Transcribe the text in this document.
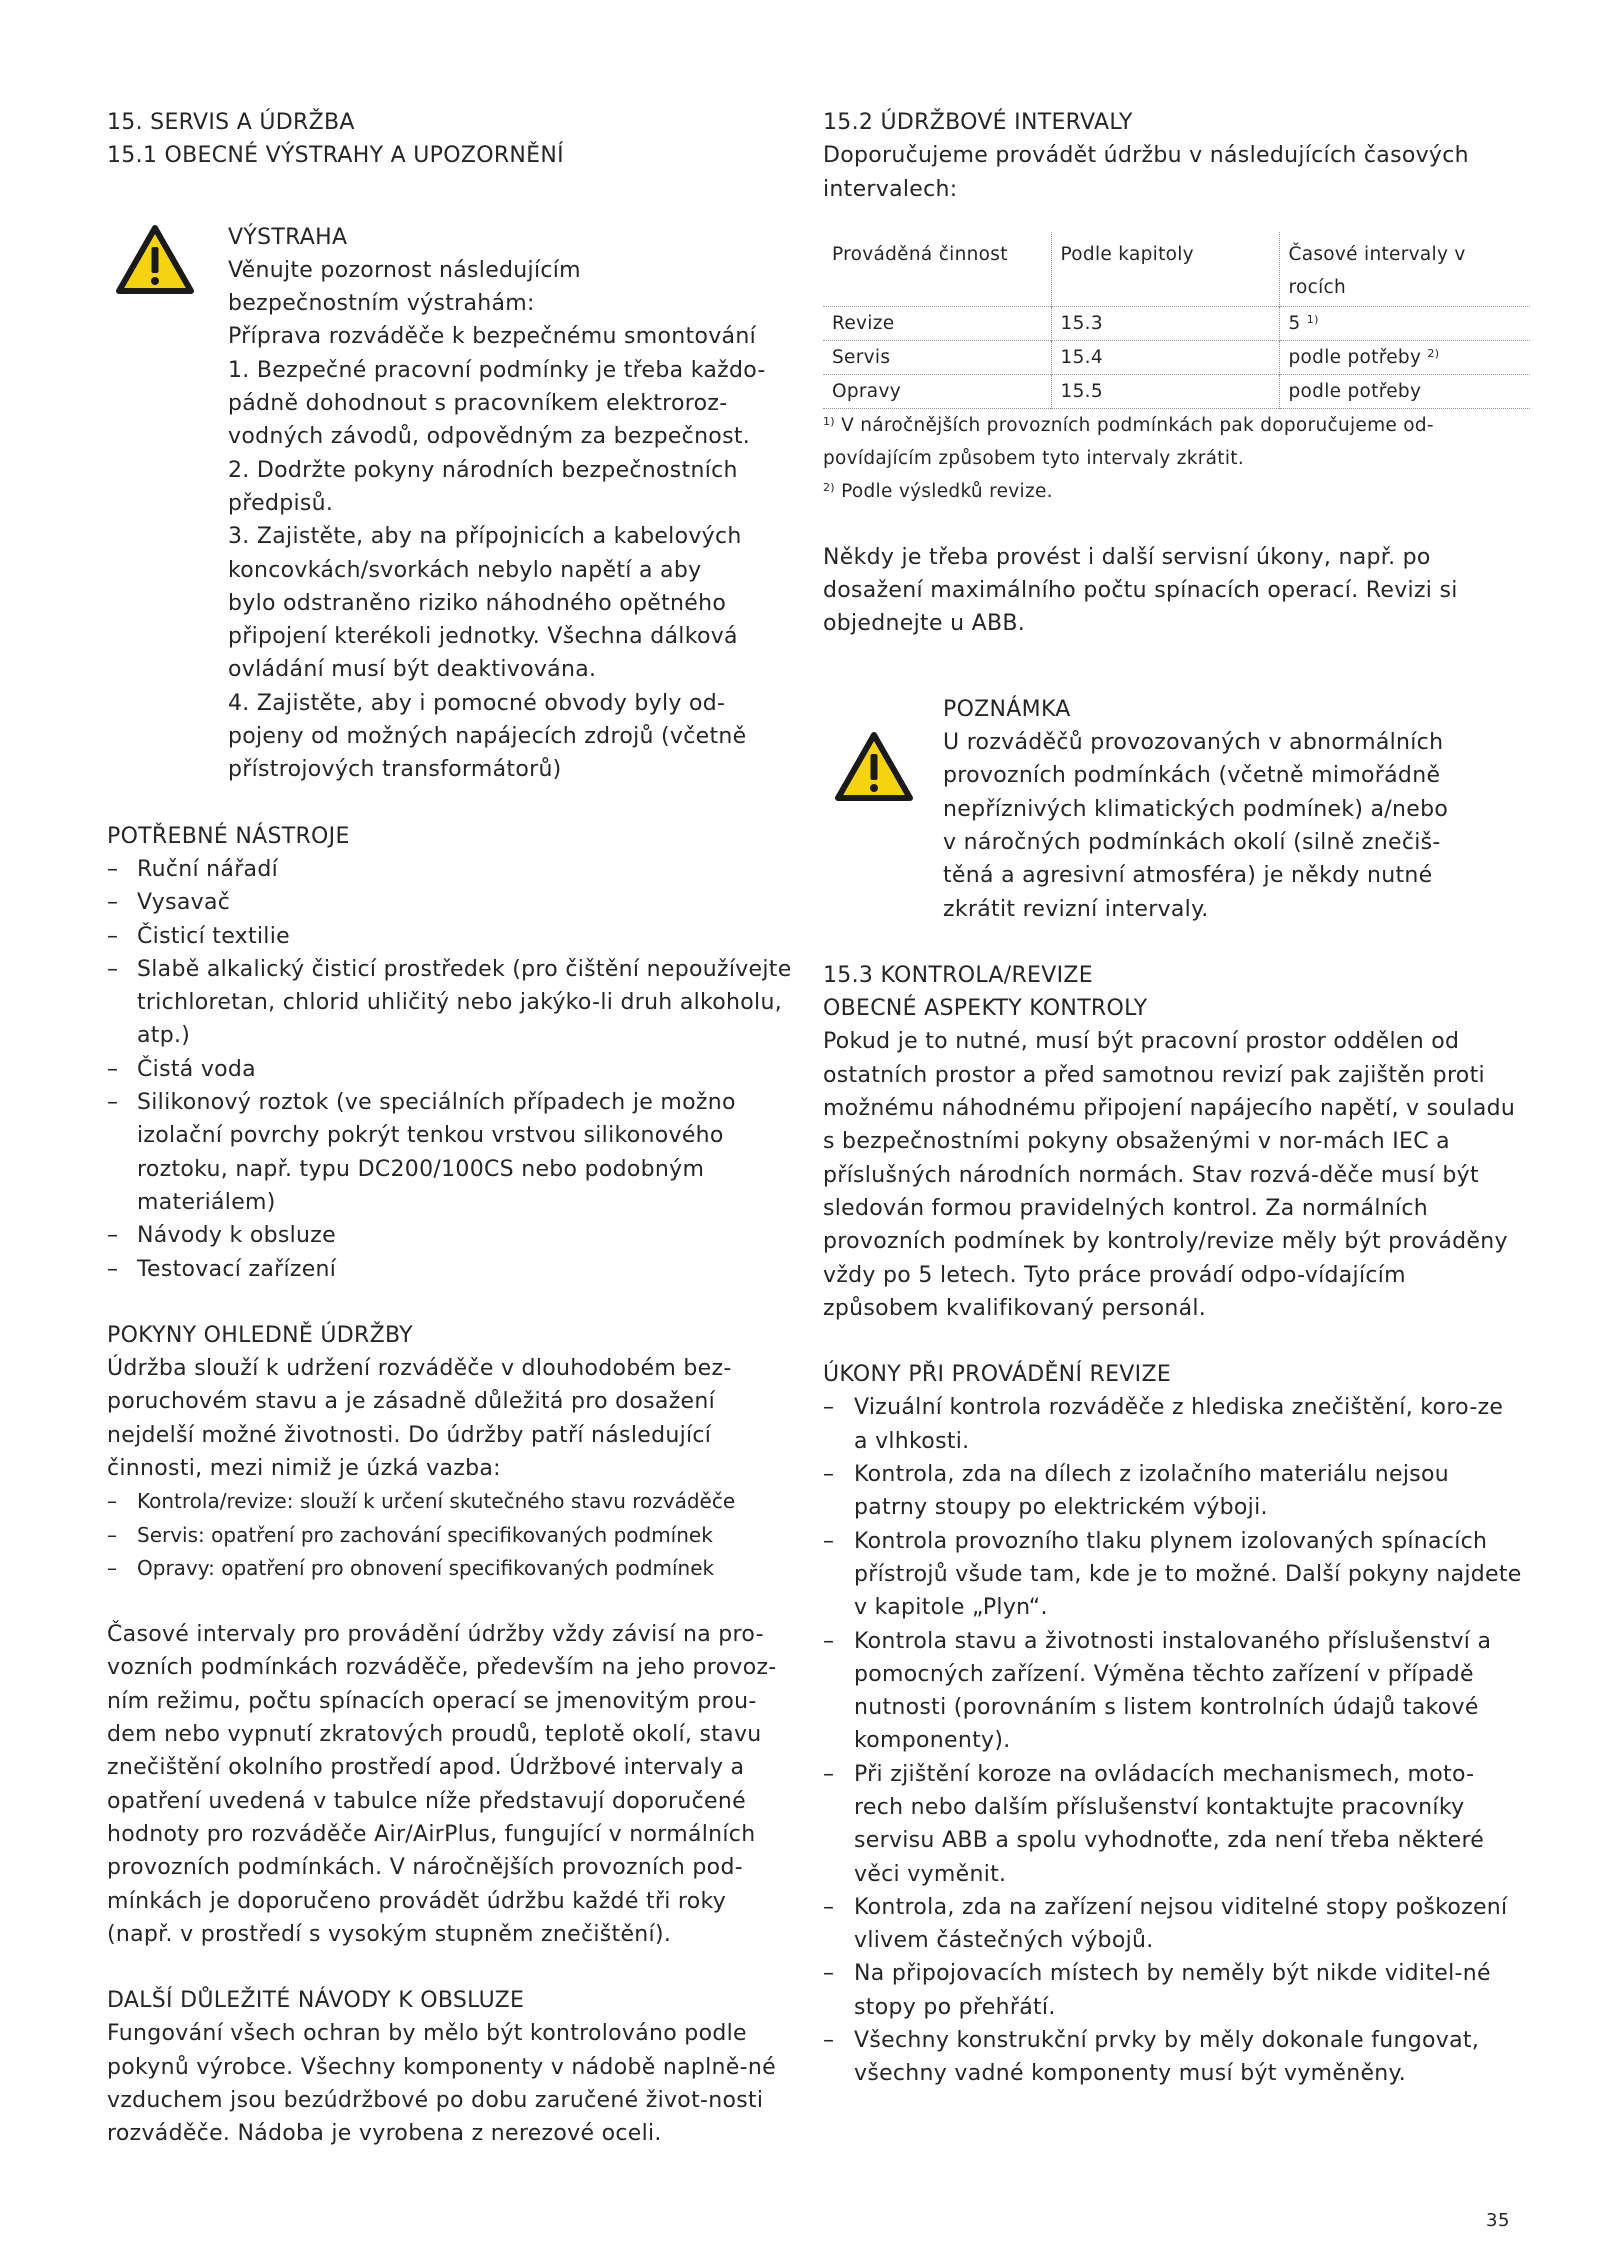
15. SERVIS A ÚDRŽBA

15.1 OBECNÉ VÝSTRAHY A UPOZORNĚNÍ

VÝSTRAHA

Věnujte pozornost následujícím
bezpečnostním výstrahám:
Příprava rozváděče k bezpečnému smontování
1. Bezpečné pracovní podmínky je třeba každo-
pádně dohodnout s pracovníkem elektroroz-
vodných závodů, odpovědným za bezpečnost.
2. Dodržte pokyny národních bezpečnostních
předpisů.
3. Zajistěte, aby na přípojnicích a kabelových
koncovkách/svorkách nebylo napětí a aby
bylo odstraněno riziko náhodného opětného
připojení kterékoli jednotky. Všechna dálková
ovládání musí být deaktivována.
4. Zajistěte, aby i pomocné obvody byly od-
pojeny od možných napájecích zdrojů (včetně
přístrojových transformátorů)

POTŘEBNÉ NÁSTROJE

– Ruční nářadí
– Vysavač
– Čisticí textilie
– Slabě alkalický čisticí prostředek (pro čištění nepoužívejte trichloretan, chlorid uhličitý nebo jakýko-li druh alkoholu, atp.)
– Čistá voda
– Silikonový roztok (ve speciálních případech je možno izolační povrchy pokrýt tenkou vrstvou silikonového roztoku, např. typu DC200/100CS nebo podobným materiálem)
– Návody k obsluze
– Testovací zařízení

POKYNY OHLEDNĚ ÚDRŽBY

Údržba slouží k udržení rozváděče v dlouhodobém bez-poruchovém stavu a je zásadně důležitá pro dosažení nejdelší možné životnosti. Do údržby patří následující činnosti, mezi nimiž je úzká vazba:

– Kontrola/revize: slouží k určení skutečného stavu rozváděče
– Servis: opatření pro zachování specifikovaných podmínek
– Opravy: opatření pro obnovení specifikovaných podmínek

Časové intervaly pro provádění údržby vždy závisí na pro-vozních podmínkách rozváděče, především na jeho provoz-ním režimu, počtu spínacích operací se jmenovitým prou-dem nebo vypnutí zkratových proudů, teplotě okolí, stavu znečištění okolního prostředí apod. Údržbové intervaly a opatření uvedená v tabulce níže představují doporučené hodnoty pro rozváděče Air/AirPlus, fungující v normálních provozních podmínkách. V náročnějších provozních pod-mínkách je doporučeno provádět údržbu každé tři roky (např. v prostředí s vysokým stupněm znečištění).

DALŠÍ DŮLEŽITÉ NÁVODY K OBSLUZE

Fungování všech ochran by mělo být kontrolováno podle pokynů výrobce. Všechny komponenty v nádobě naplně-né vzduchem jsou bezúdržbové po dobu zaručené život-nosti rozváděče. Nádoba je vyrobena z nerezové oceli.

15.2 ÚDRŽBOVÉ INTERVALY

Doporučujeme provádět údržbu v následujících časových intervalech:

Prováděná činnost	Podle kapitoly	Časové intervaly v rocích
Revize	15.3	5 $^{1)}$
Servis	15.4	podle potřeby $^{2)}$
Opravy	15.5	podle potřeby

$^{1)}$ V náročnějších provozních podmínkách pak doporučujeme od-povídajícím způsobem tyto intervaly zkrátit.

$^{2)}$ Podle výsledků revize.

Někdy je třeba provést i další servisní úkony, např. po dosažení maximálního počtu spínacích operací. Revizi si objednejte u ABB.

POZNÁMKA

U rozváděčů provozovaných v abnormálních
provozních podmínkách (včetně mimořádně
nepříznivých klimatických podmínek) a/nebo
v náročných podmínkách okolí (silně znečiš-
těná a agresivní atmosféra) je někdy nutné
zkrátit revizní intervaly.

15.3 KONTROLA/REVIZE

OBECNÉ ASPEKTY KONTROLY

Pokud je to nutné, musí být pracovní prostor oddělen od ostatních prostor a před samotnou revizí pak zajištěn proti možnému náhodnému připojení napájecího napětí, v souladu s bezpečnostními pokyny obsaženými v nor-mách IEC a příslušných národních normách. Stav rozvá-děče musí být sledován formou pravidelných kontrol. Za normálních provozních podmínek by kontroly/revize měly být prováděny vždy po 5 letech. Tyto práce provádí odpo-vídajícím způsobem kvalifikovaný personál.

ÚKONY PŘI PROVÁDĚNÍ REVIZE

– Vizuální kontrola rozváděče z hlediska znečištění, koro-ze a vlhkosti.
– Kontrola, zda na dílech z izolačního materiálu nejsou patrny stoupy po elektrickém výboji.
– Kontrola provozního tlaku plynem izolovaných spínacích přístrojů všude tam, kde je to možné. Další pokyny najdete v kapitole „Plyn“.
– Kontrola stavu a životnosti instalovaného příslušenství a pomocných zařízení. Výměna těchto zařízení v případě nutnosti (porovnáním s listem kontrolních údajů takové komponenty).
– Při zjištění koroze na ovládacích mechanismech, moto-rech nebo dalším příslušenství kontaktujte pracovníky servisu ABB a spolu vyhodnoťte, zda není třeba některé věci vyměnit.
– Kontrola, zda na zařízení nejsou viditelné stopy poškození vlivem částečných výbojů.
– Na připojovacích místech by neměly být nikde viditel-né stopy po přehřátí.
– Všechny konstrukční prvky by měly dokonale fungovat, všechny vadné komponenty musí být vyměněny.
35
